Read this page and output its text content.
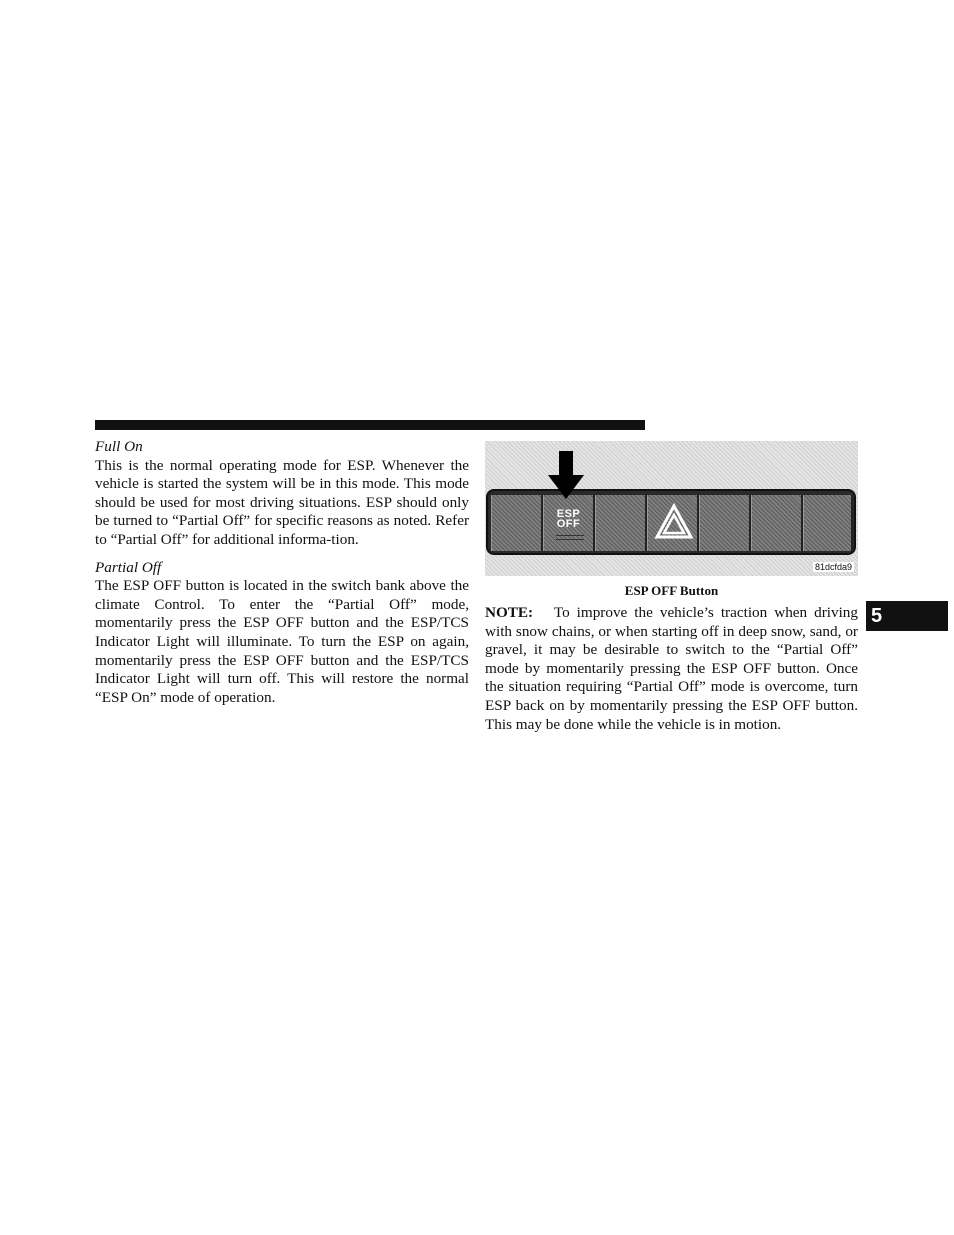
Full On

This is the normal operating mode for ESP. Whenever the vehicle is started the system will be in this mode. This mode should be used for most driving situations. ESP should only be turned to “Partial Off” for specific reasons as noted. Refer to “Partial Off” for additional informa-tion.

Partial Off

The ESP OFF button is located in the switch bank above the climate Control. To enter the “Partial Off” mode, momentarily press the ESP OFF button and the ESP/TCS Indicator Light will illuminate. To turn the ESP on again, momentarily press the ESP OFF button and the ESP/TCS Indicator Light will turn off. This will restore the normal “ESP On” mode of operation.

ESP
OFF
81dcfda9
ESP OFF Button

NOTE: To improve the vehicle’s traction when driving with snow chains, or when starting off in deep snow, sand, or gravel, it may be desirable to switch to the “Partial Off” mode by momentarily pressing the ESP OFF button. Once the situation requiring “Partial Off” mode is overcome, turn ESP back on by momentarily pressing the ESP OFF button. This may be done while the vehicle is in motion.

5
